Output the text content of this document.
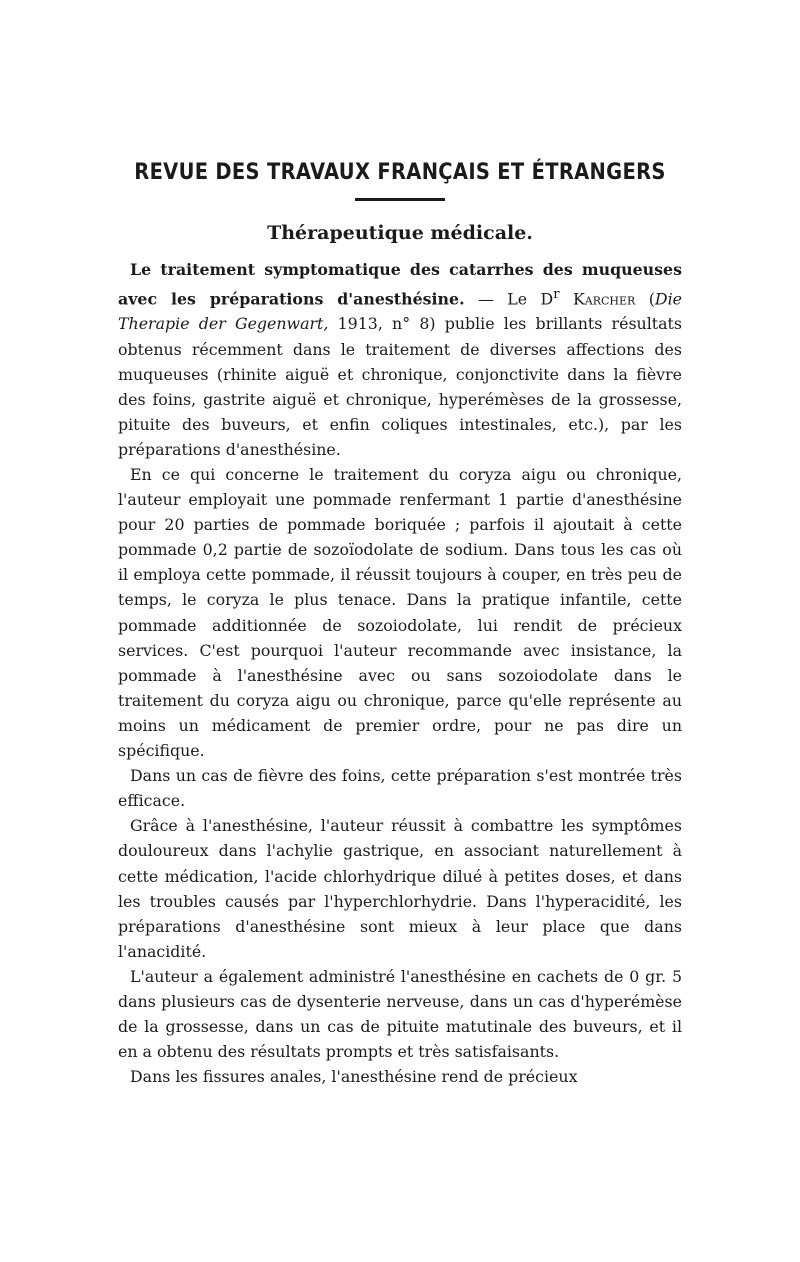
REVUE DES TRAVAUX FRANÇAIS ET ÉTRANGERS
Thérapeutique médicale.

Le traitement symptomatique des catarrhes des muqueuses avec les préparations d'anesthésine. — Le $D^r$ Karcher (Die Therapie der Gegenwart, 1913, n° 8) publie les brillants résultats obtenus récemment dans le traitement de diverses affections des muqueuses (rhinite aiguë et chronique, conjonctivite dans la fièvre des foins, gastrite aiguë et chronique, hyperémèses de la grossesse, pituite des buveurs, et enfin coliques intestinales, etc.), par les préparations d'anesthésine.

En ce qui concerne le traitement du coryza aigu ou chronique, l'auteur employait une pommade renfermant 1 partie d'anesthésine pour 20 parties de pommade boriquée ; parfois il ajoutait à cette pommade 0,2 partie de sozoïodolate de sodium. Dans tous les cas où il employa cette pommade, il réussit toujours à couper, en très peu de temps, le coryza le plus tenace. Dans la pratique infantile, cette pommade additionnée de sozoiodolate, lui rendit de précieux services. C'est pourquoi l'auteur recommande avec insistance, la pommade à l'anesthésine avec ou sans sozoiodolate dans le traitement du coryza aigu ou chronique, parce qu'elle représente au moins un médicament de premier ordre, pour ne pas dire un spécifique.

Dans un cas de fièvre des foins, cette préparation s'est montrée très efficace.

Grâce à l'anesthésine, l'auteur réussit à combattre les symptômes douloureux dans l'achylie gastrique, en associant naturellement à cette médication, l'acide chlorhydrique dilué à petites doses, et dans les troubles causés par l'hyperchlorhydrie. Dans l'hyperacidité, les préparations d'anesthésine sont mieux à leur place que dans l'anacidité.

L'auteur a également administré l'anesthésine en cachets de 0 gr. 5 dans plusieurs cas de dysenterie nerveuse, dans un cas d'hyperémèse de la grossesse, dans un cas de pituite matutinale des buveurs, et il en a obtenu des résultats prompts et très satisfaisants.

Dans les fissures anales, l'anesthésine rend de précieux
